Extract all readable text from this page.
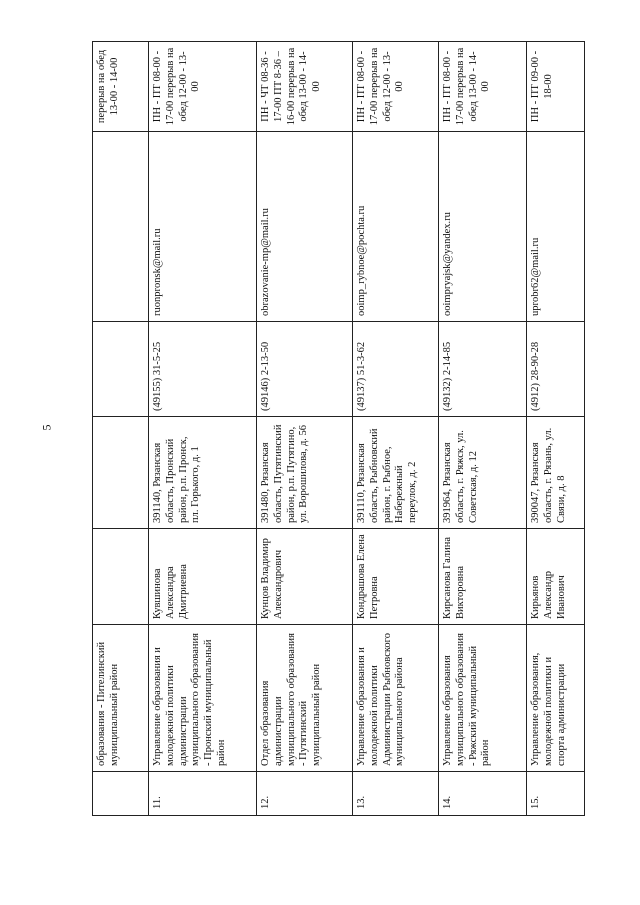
5
	образования - Пителинский муниципальный район					перерыв на обед 13-00 - 14-00
11.	Управление образования и молодежной политики администрации муниципального образования - Пронский муниципальный район	Кувшинова Александра Дмитриевна	391140, Рязанская область, Пронский район, р.п. Пронск, пл. Горького, д. 1	(49155) 31-5-25	ruonpronsk@mail.ru	ПН - ПТ 08-00 - 17-00 перерыв на обед 12-00 - 13-00
12.	Отдел образования администрации муниципального образования - Путятинский муниципальный район	Кунцов Владимир Александрович	391480, Рязанская область, Путятинский район, р.п. Путятино, ул. Ворошилова, д. 56	(49146) 2-13-50	obrazovanie-mp@mail.ru	ПН - ЧТ 08-36 - 17-00 ПТ 8-36 – 16-00 перерыв на обед 13-00 - 14-00
13.	Управление образования и молодежной политики Администрации Рыбновского муниципального района	Кондрашова Елена Петровна	391110, Рязанская область, Рыбновский район, г. Рыбное, Набережный переулок, д. 2	(49137) 51-3-62	ooimp_rybnoe@pochta.ru	ПН - ПТ 08-00 - 17-00 перерыв на обед 12-00 - 13-00
14.	Управление образования муниципального образования - Ряжский муниципальный район	Кирсанова Галина Викторовна	391964, Рязанская область, г. Ряжск, ул. Советская, д. 12	(49132) 2-14-85	ooimpryajsk@yandex.ru	ПН - ПТ 08-00 - 17-00 перерыв на обед 13-00 - 14-00
15.	Управление образования, молодежной политики и спорта администрации	Кирьянов Александр Иванович	390047, Рязанская область, г. Рязань, ул. Связи, д. 8	(4912) 28-90-28	uprobr62@mail.ru	ПН - ПТ 09-00 - 18-00
